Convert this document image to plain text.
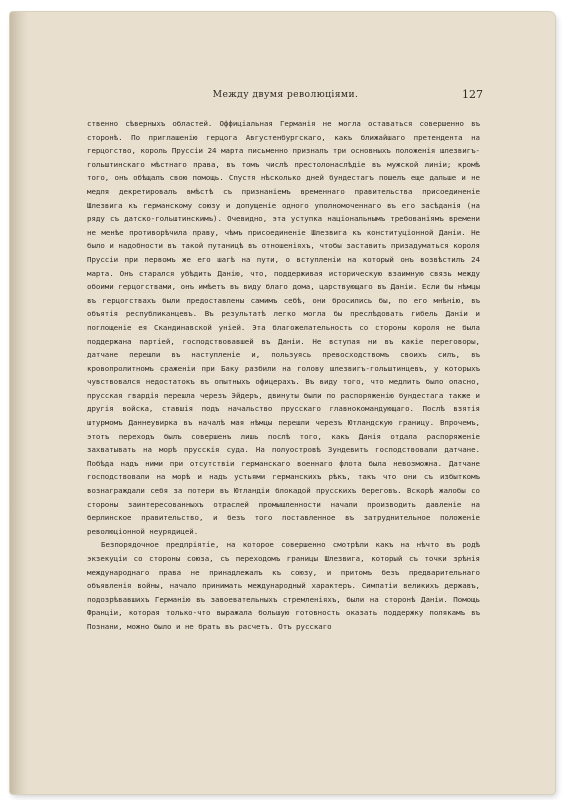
Между двумя революціями.	127

ственно сѣверныхъ областей. Оффиціальная Германія не могла оставаться совершенно въ сторонѣ. По приглашенію герцога Августенбургскаго, какъ ближайшаго претендента на герцогство, король Пруссіи 24 марта письменно призналъ три основныхъ положенія шлезвигъ-гольштинскаго мѣстнаго права, въ томъ числѣ престолонаслѣдіе въ мужской линіи; кромѣ того, онъ обѣщалъ свою помощь. Спустя нѣсколько дней бундестагъ пошелъ еще дальше и не медля декретировалъ вмѣстѣ съ признаніемъ временнаго правительства присоединеніе Шлезвига къ германскому союзу и допущеніе одного уполномоченнаго въ его засѣданія (на ряду съ датско-гольштинскимъ). Очевидно, эта уступка національнымъ требованіямъ времени не менѣе противорѣчила праву, чѣмъ присоединеніе Шлезвига къ конституціонной Даніи. Не было и надобности въ такой путаницѣ въ отношеніяхъ, чтобы заставить призадуматься короля Пруссіи при первомъ же его шагѣ на пути, о вступленіи на который онъ возвѣстилъ 24 марта. Онъ старался убѣдить Данію, что, поддерживая историческую взаимную связь между обоими герцогствами, онъ имѣетъ въ виду благо дома, царствующаго въ Даніи. Если бы нѣмцы въ герцогствахъ были предоставлены самимъ себѣ, они бросились бы, по его мнѣнію, въ объятія республиканцевъ. Въ результатѣ легко могла бы преслѣдовать гибель Даніи и поглощеніе ея Скандинавской уніей. Эта благожелательность со стороны короля не была поддержана партіей, господствовавшей въ Даніи. Не вступая ни въ какіе переговоры, датчане перешли въ наступленіе и, пользуясь превосходствомъ своихъ силъ, въ кровопролитномъ сраженіи при Баку разбили на голову шлезвигъ-гольштинцевъ, у которыхъ чувствовался недостатокъ въ опытныхъ офицерахъ. Въ виду того, что медлить было опасно, прусская гвардія перешла черезъ Эйдеръ, двинуты были по распоряженію бундестага также и другія войска, ставшія подъ начальство прусскаго главнокомандующаго. Послѣ взятія штурмомъ Даннеувирка въ началѣ мая нѣмцы перешли черезъ Ютландскую границу. Впрочемъ, этотъ переходъ былъ совершенъ лишь послѣ того, какъ Данія отдала распоряженіе захватывать на морѣ прусскія суда. На полуостровѣ Зундевитъ господствовали датчане. Побѣда надъ ними при отсутствіи германскаго военнаго флота была невозможна. Датчане господствовали на морѣ и надъ устьями германскихъ рѣкъ, такъ что они съ избыткомъ вознаграждали себя за потери въ Ютландіи блокадой прусскихъ береговъ. Вскорѣ жалобы со стороны заинтересованныхъ отраслей промышленности начали производить давленіе на берлинское правительство, и безъ того поставленное въ затруднительное положеніе революціонной неурядицей.

Безпорядочное предпріятіе, на которое совершенно смотрѣли какъ на нѣчто въ родѣ экзекуціи со стороны союза, съ переходомъ границы Шлезвига, который съ точки зрѣнія международнаго права не принадлежалъ къ союзу, и притомъ безъ предварительнаго объявленія войны, начало принимать международный характеръ. Симпатіи великихъ державъ, подозрѣвавшихъ Германію въ завоевательныхъ стремленіяхъ, были на сторонѣ Даніи. Помощь Франціи, которая только-что выражала большую готовность оказать поддержку полякамъ въ Познани, можно было и не брать въ расчетъ. Отъ русскаго
